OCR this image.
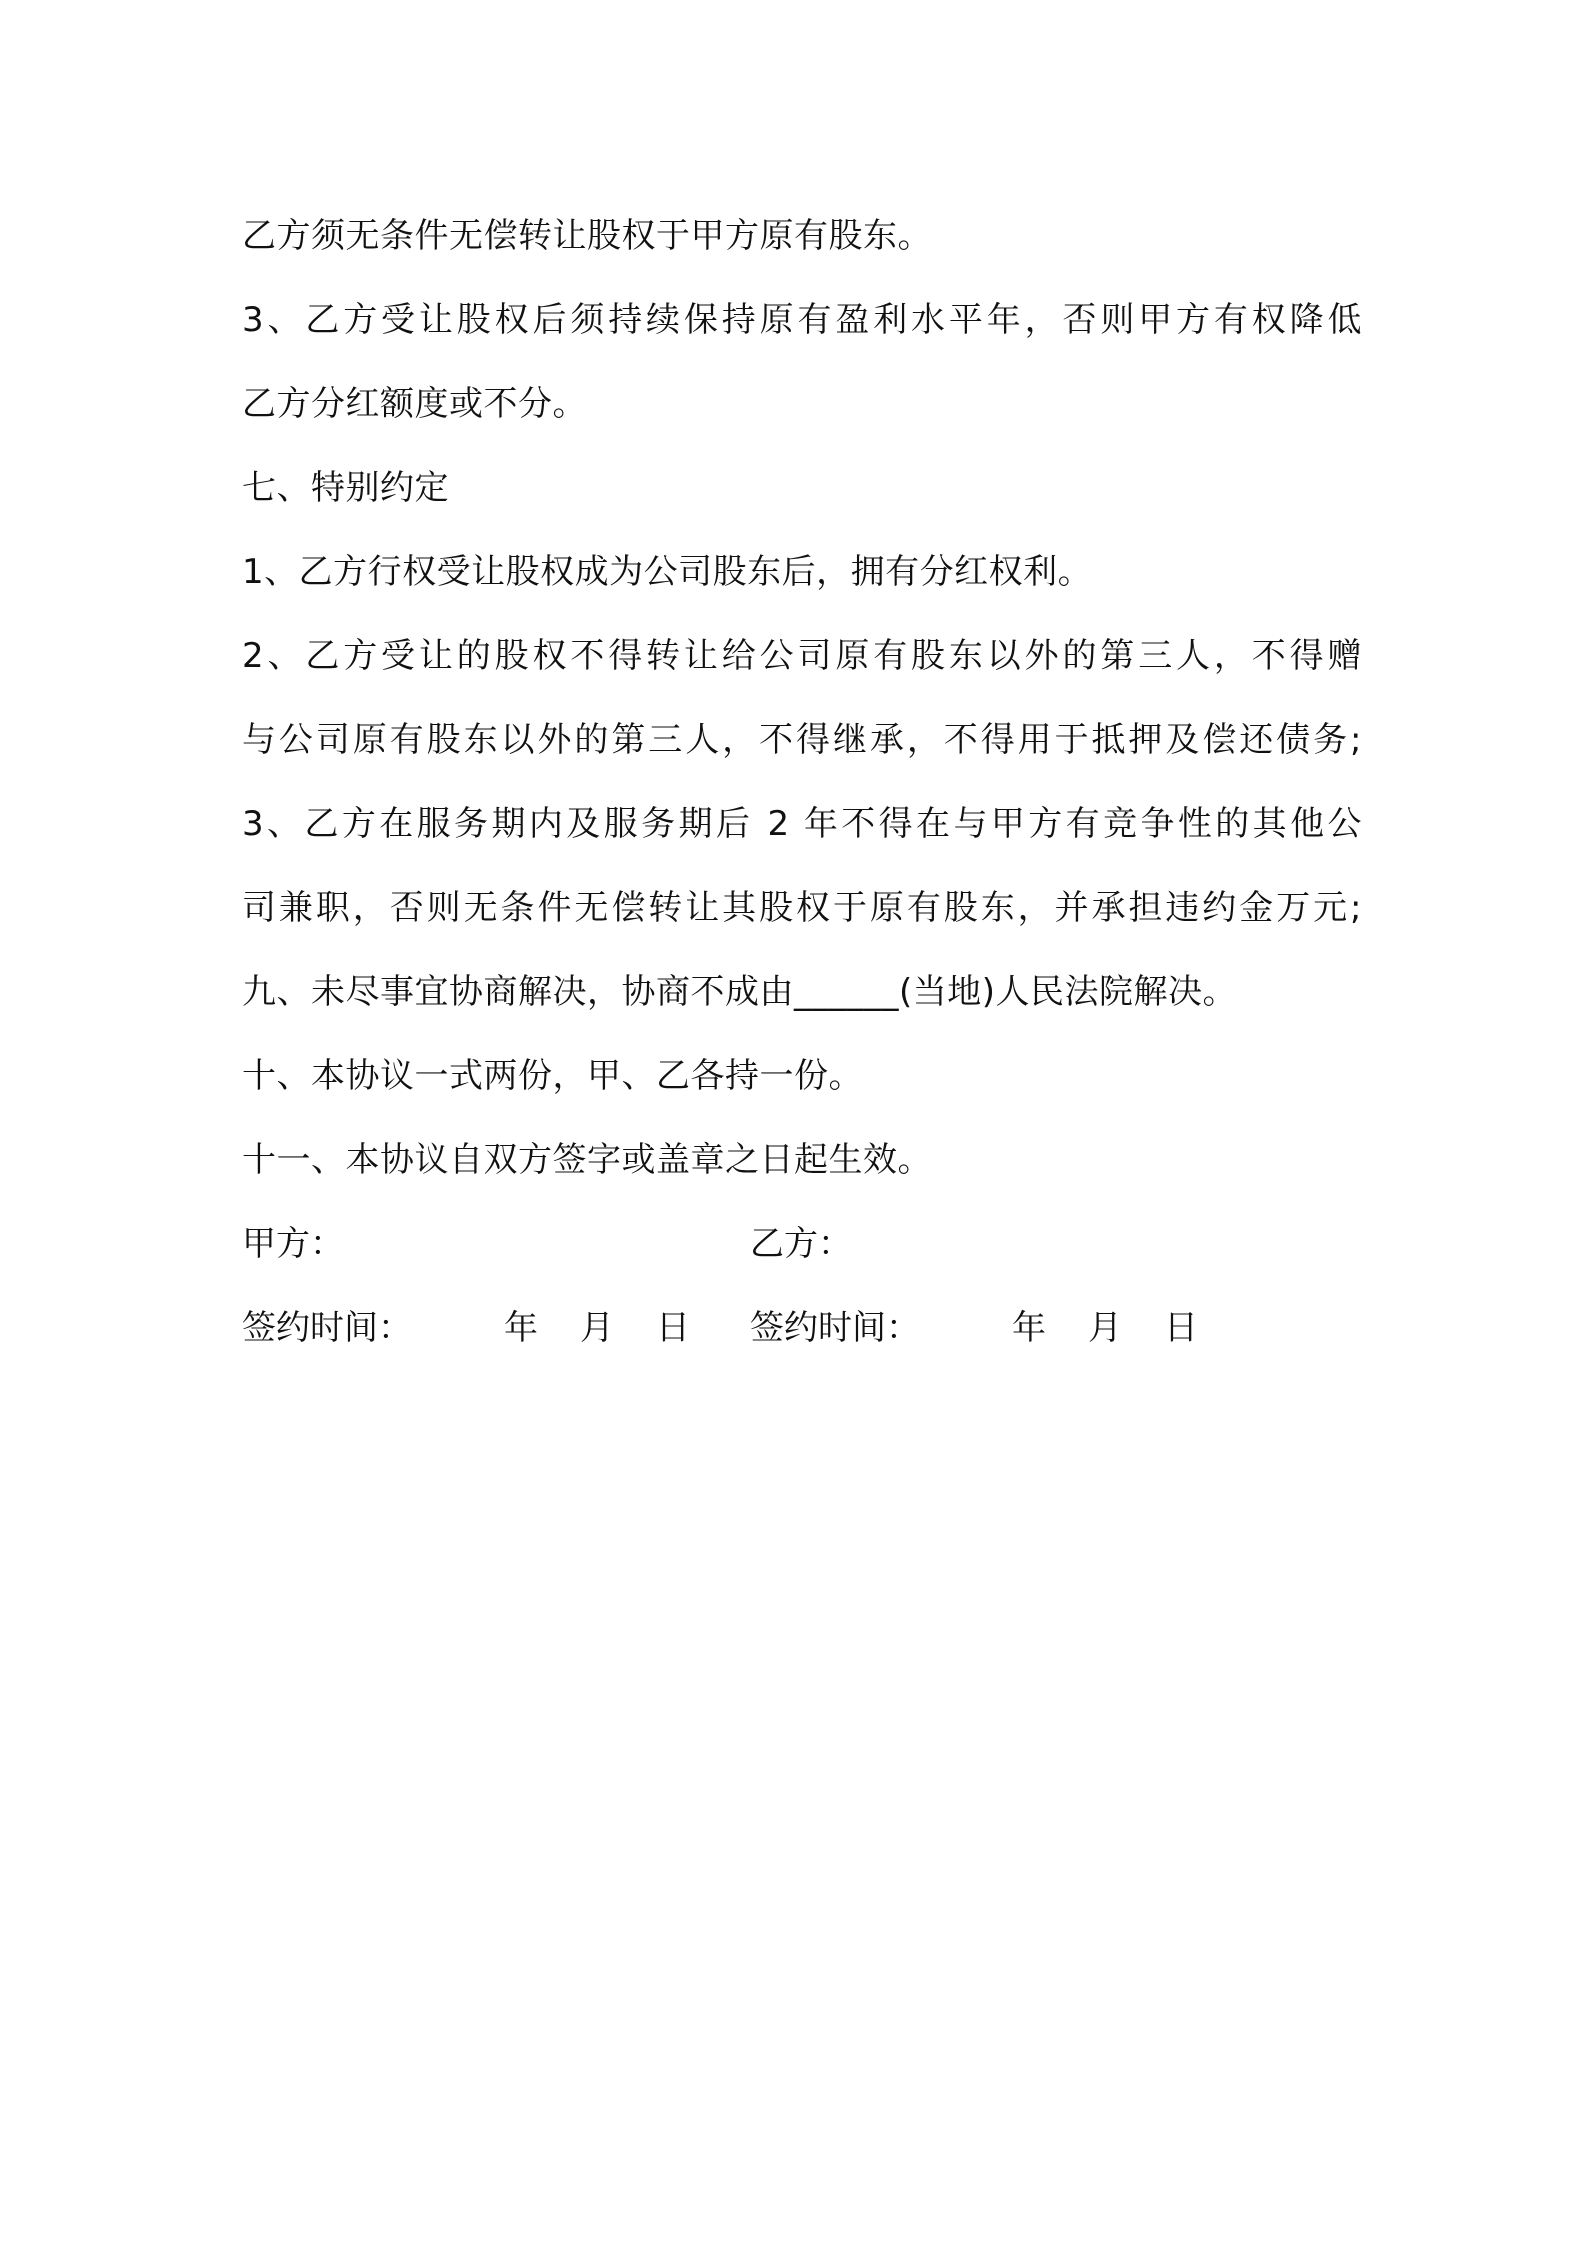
乙方须无条件无偿转让股权于甲方原有股东。
3、乙方受让股权后须持续保持原有盈利水平年，否则甲方有权降低
乙方分红额度或不分。
七、特别约定
1、乙方行权受让股权成为公司股东后，拥有分红权利。
2、乙方受让的股权不得转让给公司原有股东以外的第三人，不得赠
与公司原有股东以外的第三人，不得继承，不得用于抵押及偿还债务;
3、乙方在服务期内及服务期后 2 年不得在与甲方有竞争性的其他公
司兼职，否则无条件无偿转让其股权于原有股东，并承担违约金万元;
九、未尽事宜协商解决，协商不成由______(当地)人民法院解决。
十、本协议一式两份，甲、乙各持一份。
十一、本协议自双方签字或盖章之日起生效。
甲方：	乙方：
签约时间：	年 月 日 签约时间：	年 月 日
